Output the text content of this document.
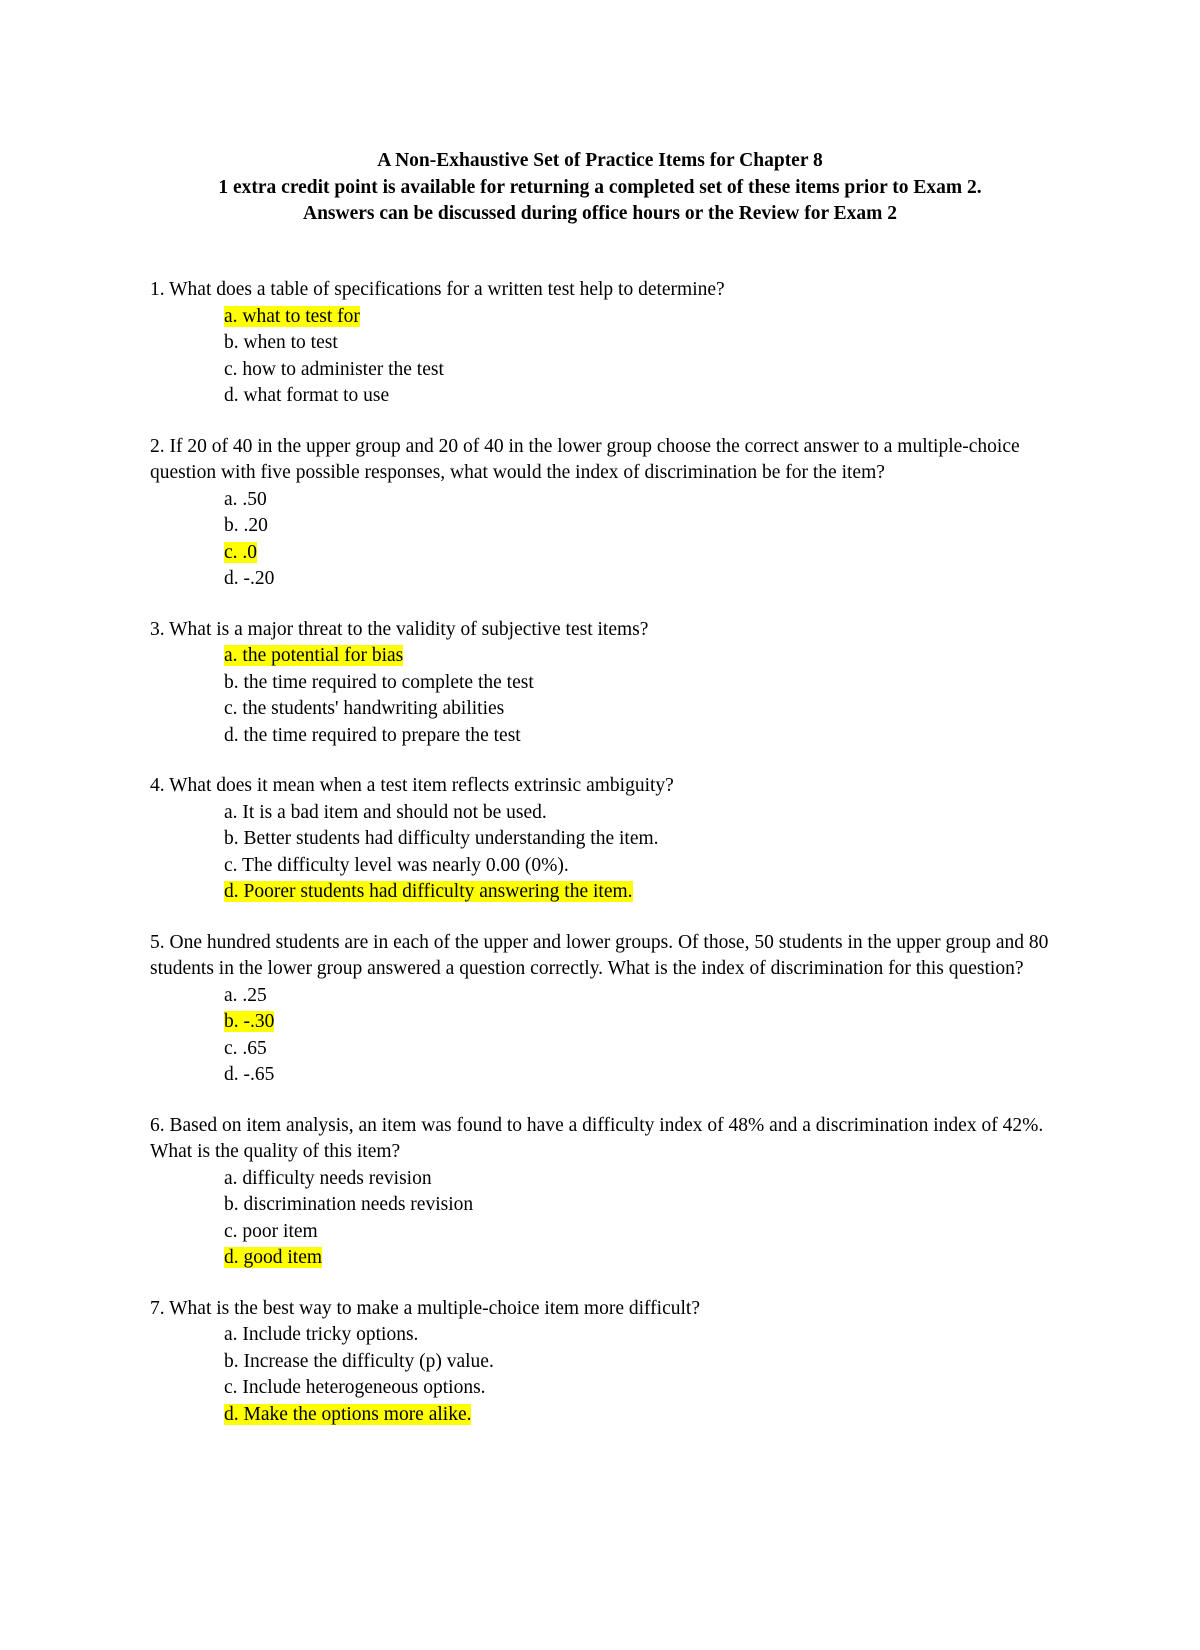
A Non-Exhaustive Set of Practice Items for Chapter 8
1 extra credit point is available for returning a completed set of these items prior to Exam 2.
Answers can be discussed during office hours or the Review for Exam 2
1. What does a table of specifications for a written test help to determine?
a. what to test for
b. when to test
c. how to administer the test
d. what format to use
2. If 20 of 40 in the upper group and 20 of 40 in the lower group choose the correct answer to a multiple-choice question with five possible responses, what would the index of discrimination be for the item?
a. .50
b. .20
c. .0
d. -.20
3. What is a major threat to the validity of subjective test items?
a. the potential for bias
b. the time required to complete the test
c. the students' handwriting abilities
d. the time required to prepare the test
4. What does it mean when a test item reflects extrinsic ambiguity?
a. It is a bad item and should not be used.
b. Better students had difficulty understanding the item.
c. The difficulty level was nearly 0.00 (0%).
d. Poorer students had difficulty answering the item.
5. One hundred students are in each of the upper and lower groups. Of those, 50 students in the upper group and 80 students in the lower group answered a question correctly. What is the index of discrimination for this question?
a. .25
b. -.30
c. .65
d. -.65
6. Based on item analysis, an item was found to have a difficulty index of 48% and a discrimination index of 42%. What is the quality of this item?
a. difficulty needs revision
b. discrimination needs revision
c. poor item
d. good item
7. What is the best way to make a multiple-choice item more difficult?
a. Include tricky options.
b. Increase the difficulty (p) value.
c. Include heterogeneous options.
d. Make the options more alike.
